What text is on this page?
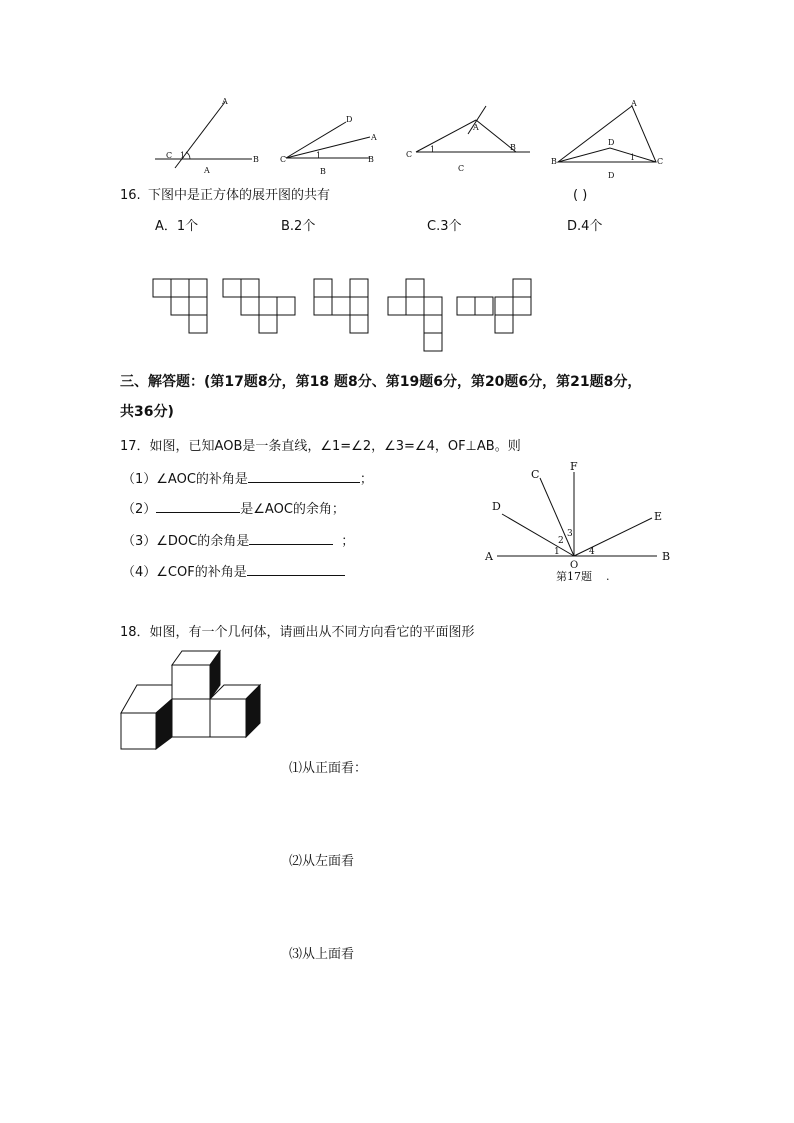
A
C 1
A
B
D
A
C	1	B
B
A
C
1	B
C
A
D
B	1	C
D
16. 下图中是正方体的展开图的共有	( )
A．1个	B.2个	C.3个	D.4个
三、解答题：(第17题8分，第18 题8分、第19题6分，第20题6分，第21题8分，
共36分)
17．如图，已知AOB是一条直线，∠1=∠2，∠3=∠4，OF⊥AB。则
（1）∠AOC的补角是	；
（2）	是∠AOC的余角；
（3）∠DOC的余角是	；
（4）∠COF的补角是
A	B
C
D
E
F
O
1
2
3
4
第17题 .
18．如图，有一个几何体，请画出从不同方向看它的平面图形
⑴从正面看：
⑵从左面看
⑶从上面看
